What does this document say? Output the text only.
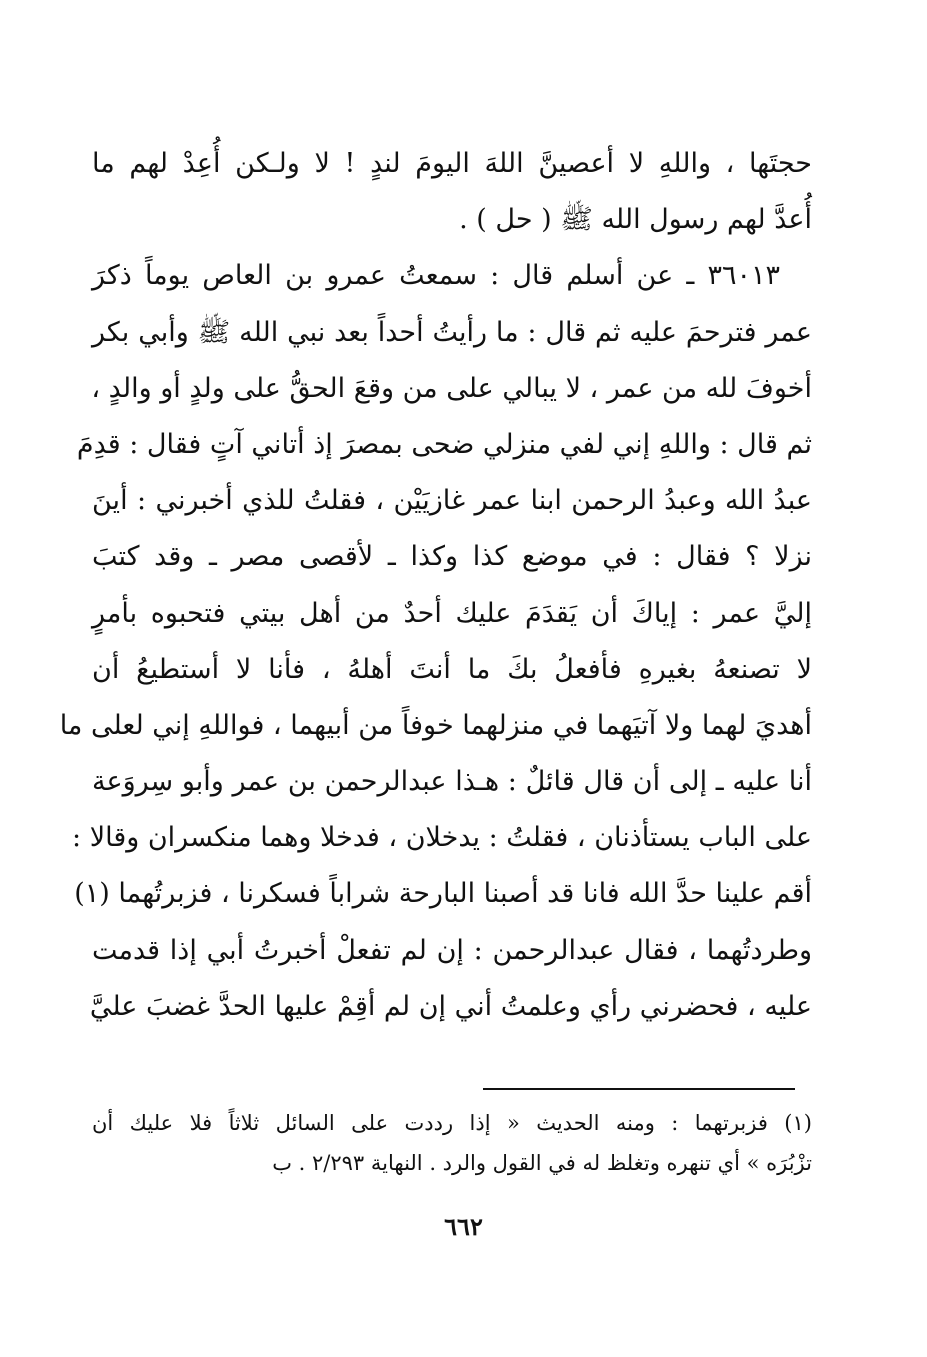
حجتَها ، واللهِ لا أعصينَّ اللهَ اليومَ لندٍ ! لا ولـكن أُعِدْ لهم ما
أُعدَّ لهم رسول الله ﷺ ( حل ) .
٣٦٠١٣ ـ عن أسلم قال : سمعتُ عمرو بن العاص يوماً ذكرَ
عمر فترحمَ عليه ثم قال : ما رأيتُ أحداً بعد نبي الله ﷺ وأبي بكر
أخوفَ لله من عمر ، لا يبالي على من وقعَ الحقُّ على ولدٍ أو والدٍ ،
ثم قال : واللهِ إني لفي منزلي ضحى بمصرَ إذ أتاني آتٍ فقال : قدِمَ
عبدُ الله وعبدُ الرحمن ابنا عمر غازيَيْن ، فقلتُ للذي أخبرني : أينَ
نزلا ؟ فقال : في موضع كذا وكذا ـ لأقصى مصر ـ وقد كتبَ
إليَّ عمر : إياكَ أن يَقدَمَ عليك أحدٌ من أهل بيتي فتحبوه بأمرٍ
لا تصنعهُ بغيرهِ فأفعلُ بكَ ما أنتَ أهلهُ ، فأنا لا أستطيعُ أن
أهديَ لهما ولا آتيَهما في منزلهما خوفاً من أبيهما ، فواللهِ إني لعلى ما
أنا عليه ـ إلى أن قال قائلٌ : هـذا عبدالرحمن بن عمر وأبو سِروَعة
على الباب يستأذنان ، فقلتُ : يدخلان ، فدخلا وهما منكسران وقالا :
أقم علينا حدَّ الله فانا قد أصبنا البارحة شراباً فسكرنا ، فزبرتُهما (١)
وطردتُهما ، فقال عبدالرحمن : إن لم تفعلْ أخبرتُ أبي إذا قدمت
عليه ، فحضرني رأي وعلمتُ أني إن لم أقِمْ عليها الحدَّ غضبَ عليَّ
(١) فزبرتهما : ومنه الحديث « إذا رددت على السائل ثلاثاً فلا عليك أن
تزْبُرَه » أي تنهره وتغلظ له في القول والرد . النهاية ٢/٢٩٣ . ب
٦٦٢
